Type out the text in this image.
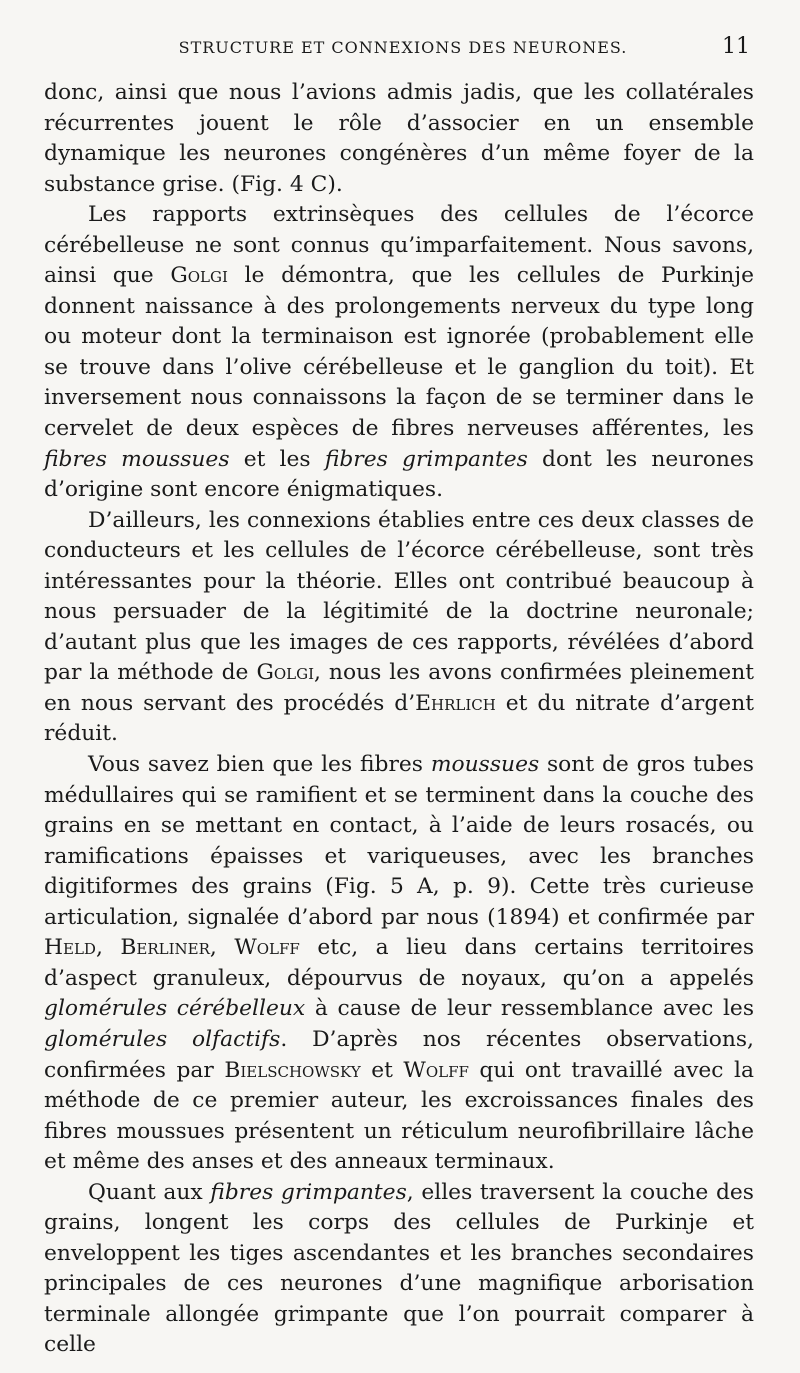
STRUCTURE ET CONNEXIONS DES NEURONES.	11

donc, ainsi que nous l’avions admis jadis, que les collatérales récurrentes jouent le rôle d’associer en un ensemble dynamique les neurones congénères d’un même foyer de la substance grise. (Fig. 4 C).

Les rapports extrinsèques des cellules de l’écorce cérébelleuse ne sont connus qu’imparfaitement. Nous savons, ainsi que Golgi le démontra, que les cellules de Purkinje donnent naissance à des prolongements nerveux du type long ou moteur dont la terminaison est ignorée (probablement elle se trouve dans l’olive cérébelleuse et le ganglion du toit). Et inversement nous connaissons la façon de se terminer dans le cervelet de deux espèces de fibres nerveuses afférentes, les fibres moussues et les fibres grimpantes dont les neurones d’origine sont encore énigmatiques.

D’ailleurs, les connexions établies entre ces deux classes de conducteurs et les cellules de l’écorce cérébelleuse, sont très intéressantes pour la théorie. Elles ont contribué beaucoup à nous persuader de la légitimité de la doctrine neuronale; d’autant plus que les images de ces rapports, révélées d’abord par la méthode de Golgi, nous les avons confirmées pleinement en nous servant des procédés d’Ehrlich et du nitrate d’argent réduit.

Vous savez bien que les fibres moussues sont de gros tubes médullaires qui se ramifient et se terminent dans la couche des grains en se mettant en contact, à l’aide de leurs rosacés, ou ramifications épaisses et variqueuses, avec les branches digitiformes des grains (Fig. 5 A, p. 9). Cette très curieuse articulation, signalée d’abord par nous (1894) et confirmée par Held, Berliner, Wolff etc, a lieu dans certains territoires d’aspect granuleux, dépourvus de noyaux, qu’on a appelés glomérules cérébelleux à cause de leur ressemblance avec les glomérules olfactifs. D’après nos récentes observations, confirmées par Bielschowsky et Wolff qui ont travaillé avec la méthode de ce premier auteur, les excroissances finales des fibres moussues présentent un réticulum neurofibrillaire lâche et même des anses et des anneaux terminaux.

Quant aux fibres grimpantes, elles traversent la couche des grains, longent les corps des cellules de Purkinje et enveloppent les tiges ascendantes et les branches secondaires principales de ces neurones d’une magnifique arborisation terminale allongée grimpante que l’on pourrait comparer à celle
